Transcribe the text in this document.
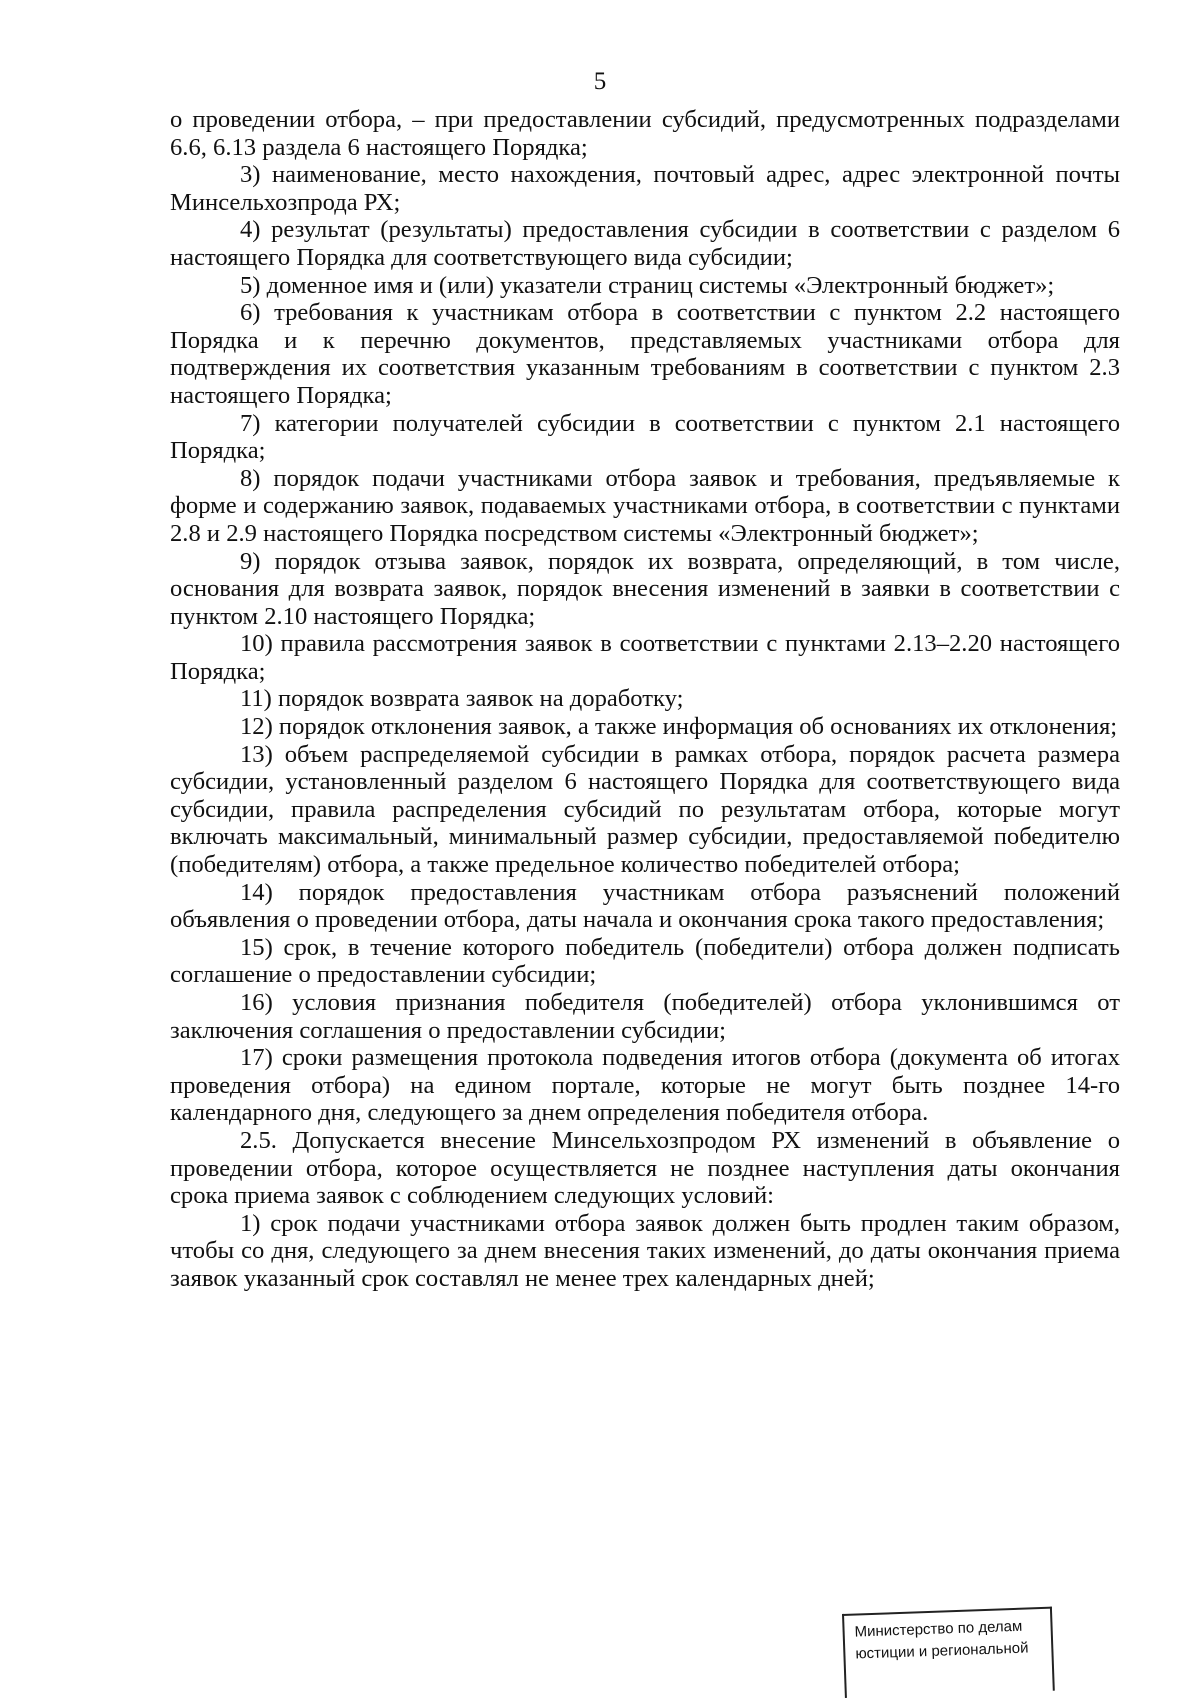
5

о проведении отбора, – при предоставлении субсидий, предусмотренных подразделами 6.6, 6.13 раздела 6 настоящего Порядка;

3) наименование, место нахождения, почтовый адрес, адрес электронной почты Минсельхозпрода РХ;

4) результат (результаты) предоставления субсидии в соответствии с разделом 6 настоящего Порядка для соответствующего вида субсидии;

5) доменное имя и (или) указатели страниц системы «Электронный бюджет»;

6) требования к участникам отбора в соответствии с пунктом 2.2 настоящего Порядка и к перечню документов, представляемых участниками отбора для подтверждения их соответствия указанным требованиям в соответствии с пунктом 2.3 настоящего Порядка;

7) категории получателей субсидии в соответствии с пунктом 2.1 настоящего Порядка;

8) порядок подачи участниками отбора заявок и требования, предъявляемые к форме и содержанию заявок, подаваемых участниками отбора, в соответствии с пунктами 2.8 и 2.9 настоящего Порядка посредством системы «Электронный бюджет»;

9) порядок отзыва заявок, порядок их возврата, определяющий, в том числе, основания для возврата заявок, порядок внесения изменений в заявки в соответствии с пунктом 2.10 настоящего Порядка;

10) правила рассмотрения заявок в соответствии с пунктами 2.13–2.20 настоящего Порядка;

11) порядок возврата заявок на доработку;

12) порядок отклонения заявок, а также информация об основаниях их отклонения;

13) объем распределяемой субсидии в рамках отбора, порядок расчета размера субсидии, установленный разделом 6 настоящего Порядка для соответствующего вида субсидии, правила распределения субсидий по результатам отбора, которые могут включать максимальный, минимальный размер субсидии, предоставляемой победителю (победителям) отбора, а также предельное количество победителей отбора;

14) порядок предоставления участникам отбора разъяснений положений объявления о проведении отбора, даты начала и окончания срока такого предоставления;

15) срок, в течение которого победитель (победители) отбора должен подписать соглашение о предоставлении субсидии;

16) условия признания победителя (победителей) отбора уклонившимся от заключения соглашения о предоставлении субсидии;

17) сроки размещения протокола подведения итогов отбора (документа об итогах проведения отбора) на едином портале, которые не могут быть позднее 14-го календарного дня, следующего за днем определения победителя отбора.

2.5. Допускается внесение Минсельхозпродом РХ изменений в объявление о проведении отбора, которое осуществляется не позднее наступления даты окончания срока приема заявок с соблюдением следующих условий:

1) срок подачи участниками отбора заявок должен быть продлен таким образом, чтобы со дня, следующего за днем внесения таких изменений, до даты окончания приема заявок указанный срок составлял не менее трех календарных дней;

Министерство по делам
юстиции и региональной
